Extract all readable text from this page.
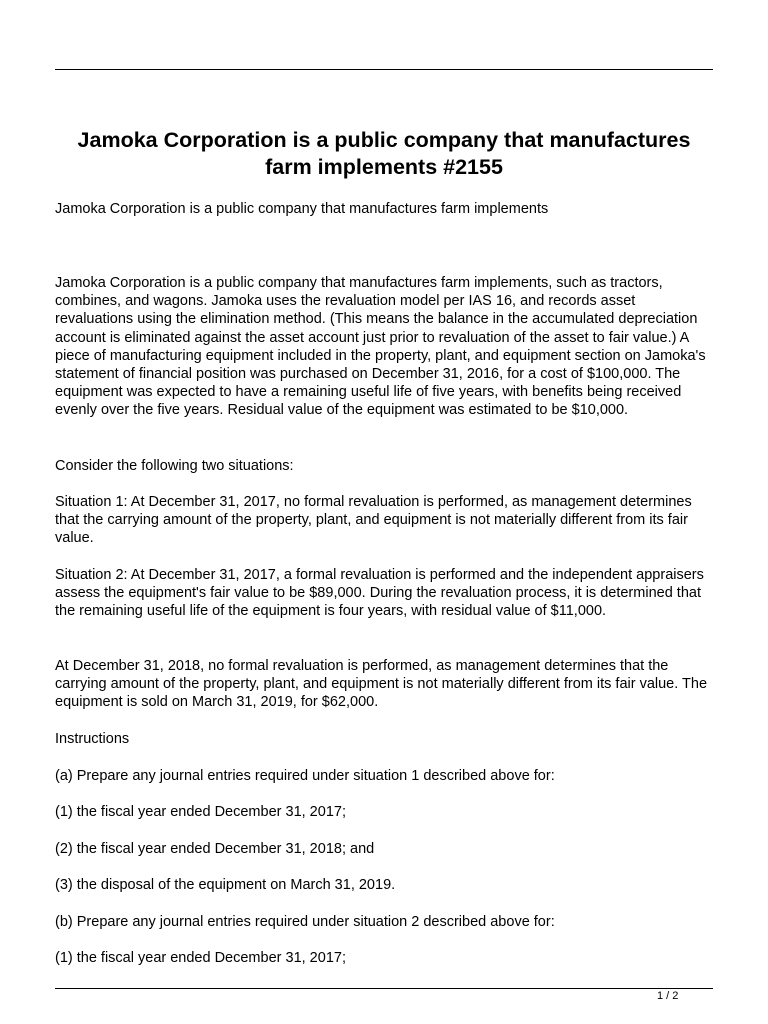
Jamoka Corporation is a public company that manufactures farm implements #2155

Jamoka Corporation is a public company that manufactures farm implements

Jamoka Corporation is a public company that manufactures farm implements, such as tractors, combines, and wagons. Jamoka uses the revaluation model per IAS 16, and records asset revaluations using the elimination method. (This means the balance in the accumulated depreciation account is eliminated against the asset account just prior to revaluation of the asset to fair value.) A piece of manufacturing equipment included in the property, plant, and equipment section on Jamoka's statement of financial position was purchased on December 31, 2016, for a cost of $100,000. The equipment was expected to have a remaining useful life of five years, with benefits being received evenly over the five years. Residual value of the equipment was estimated to be $10,000.

Consider the following two situations:

Situation 1: At December 31, 2017, no formal revaluation is performed, as management determines that the carrying amount of the property, plant, and equipment is not materially different from its fair value.

Situation 2: At December 31, 2017, a formal revaluation is performed and the independent appraisers assess the equipment's fair value to be $89,000. During the revaluation process, it is determined that the remaining useful life of the equipment is four years, with residual value of $11,000.

At December 31, 2018, no formal revaluation is performed, as management determines that the carrying amount of the property, plant, and equipment is not materially different from its fair value. The equipment is sold on March 31, 2019, for $62,000.

Instructions

(a) Prepare any journal entries required under situation 1 described above for:

(1) the fiscal year ended December 31, 2017;

(2) the fiscal year ended December 31, 2018; and

(3) the disposal of the equipment on March 31, 2019.

(b) Prepare any journal entries required under situation 2 described above for:

(1) the fiscal year ended December 31, 2017;

1 / 2
